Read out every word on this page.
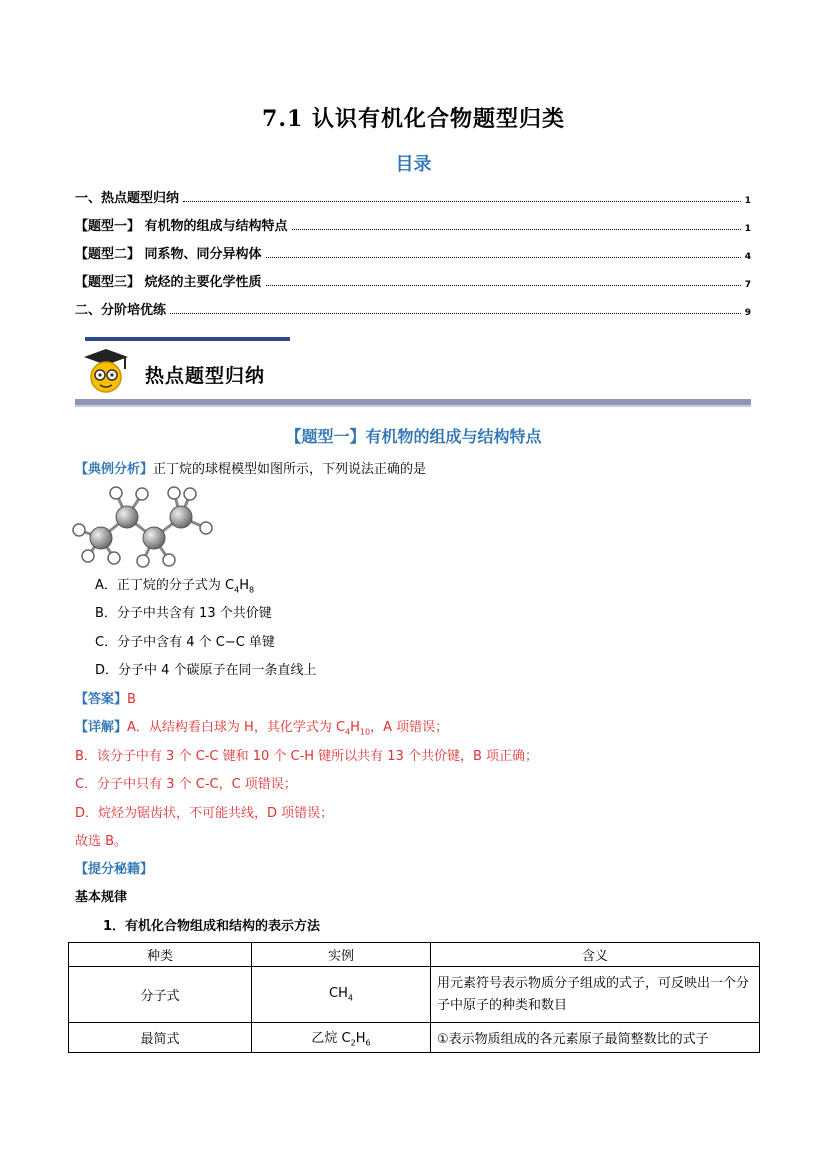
7.1 认识有机化合物题型归类
目录
一、热点题型归纳	1
【题型一】 有机物的组成与结构特点	1
【题型二】 同系物、同分异构体	4
【题型三】 烷烃的主要化学性质	7
二、分阶培优练	9
热点题型归纳
【题型一】有机物的组成与结构特点
【典例分析】正丁烷的球棍模型如图所示，下列说法正确的是
A．正丁烷的分子式为 $C_4H_8$
B．分子中共含有 13 个共价键
C．分子中含有 4 个 C−C 单键
D．分子中 4 个碳原子在同一条直线上
【答案】B
【详解】A．从结构看白球为 H，其化学式为 $C_4H_{10}$，A 项错误；
B．该分子中有 3 个 C-C 键和 10 个 C-H 键所以共有 13 个共价键，B 项正确；
C．分子中只有 3 个 C-C，C 项错误；
D．烷烃为锯齿状，不可能共线，D 项错误；
故选 B。
【提分秘籍】
基本规律
1．有机化合物组成和结构的表示方法
种类	实例	含义
分子式	$CH_4$	用元素符号表示物质分子组成的式子，可反映出一个分子中原子的种类和数目
最简式	乙烷 $C_2H_6$	①表示物质组成的各元素原子最简整数比的式子
